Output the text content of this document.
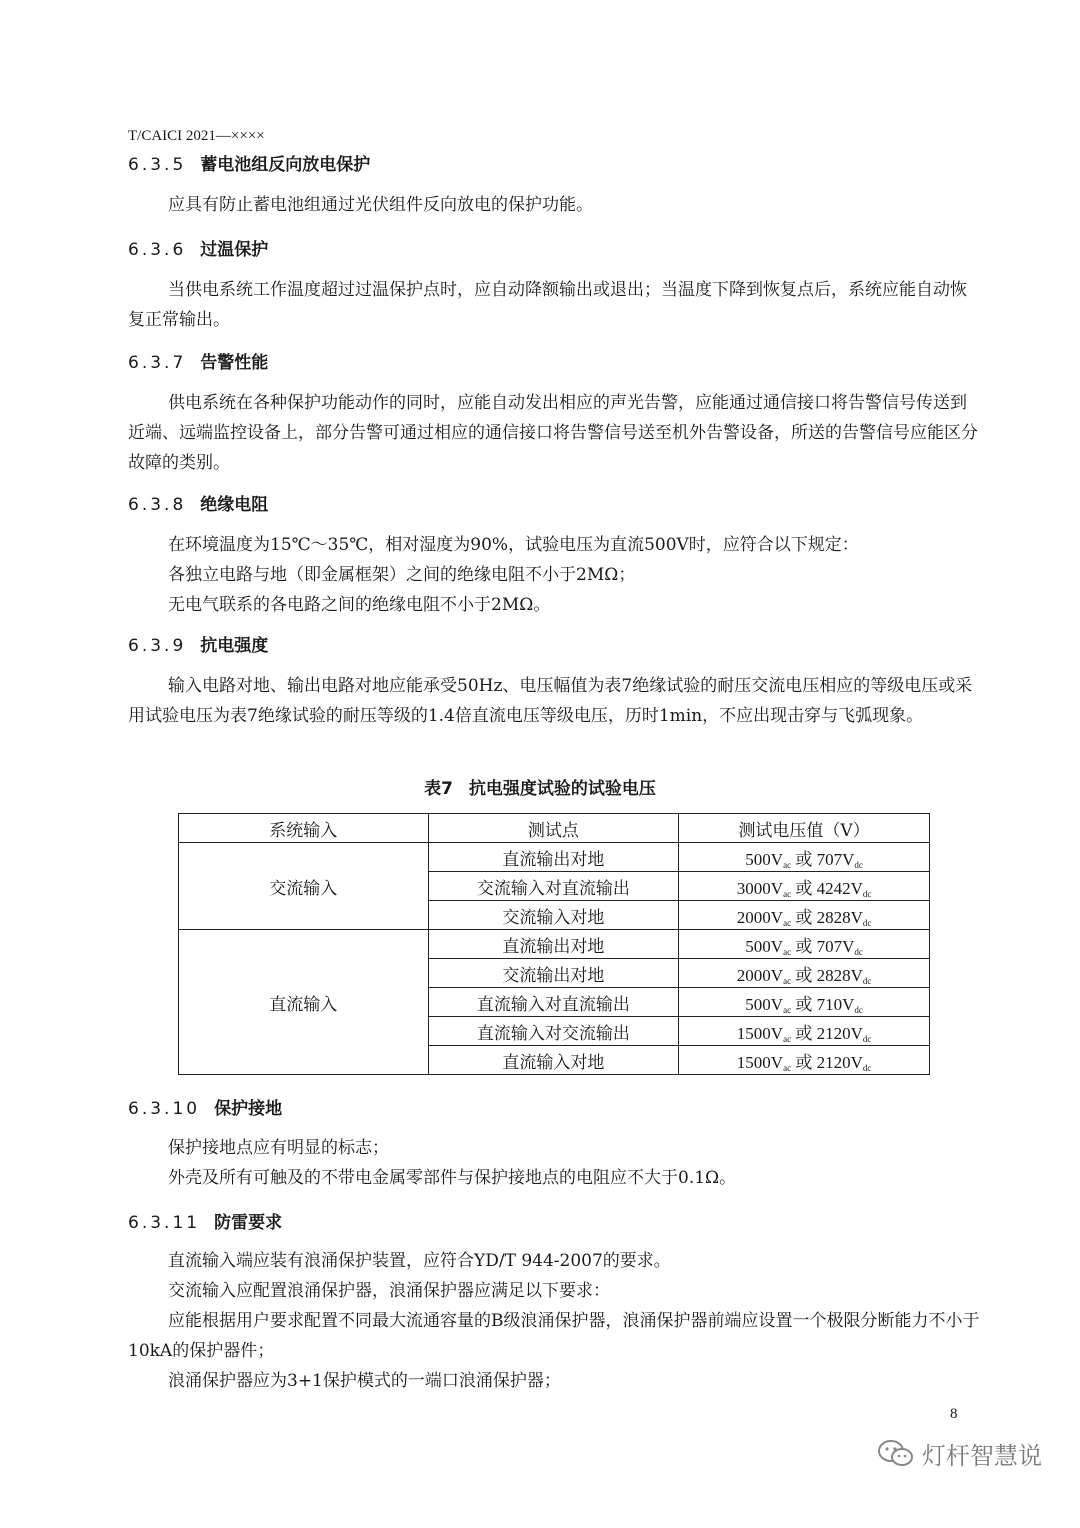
T/CAICI 2021—××××
6.3.5 蓄电池组反向放电保护

应具有防止蓄电池组通过光伏组件反向放电的保护功能。

6.3.6 过温保护

当供电系统工作温度超过过温保护点时，应自动降额输出或退出；当温度下降到恢复点后，系统应能自动恢复正常输出。

6.3.7 告警性能

供电系统在各种保护功能动作的同时，应能自动发出相应的声光告警，应能通过通信接口将告警信号传送到近端、远端监控设备上，部分告警可通过相应的通信接口将告警信号送至机外告警设备，所送的告警信号应能区分故障的类别。

6.3.8 绝缘电阻

在环境温度为15℃～35℃，相对湿度为90%，试验电压为直流500V时，应符合以下规定：

各独立电路与地（即金属框架）之间的绝缘电阻不小于2MΩ；

无电气联系的各电路之间的绝缘电阻不小于2MΩ。

6.3.9 抗电强度

输入电路对地、输出电路对地应能承受50Hz、电压幅值为表7绝缘试验的耐压交流电压相应的等级电压或采用试验电压为表7绝缘试验的耐压等级的1.4倍直流电压等级电压，历时1min，不应出现击穿与飞弧现象。

表7 抗电强度试验的试验电压
系统输入	测试点	测试电压值（V）
交流输入	直流输出对地	$500V_{ac}$ 或 $707V_{dc}$
	交流输入对直流输出	$3000V_{ac}$ 或 $4242V_{dc}$
	交流输入对地	$2000V_{ac}$ 或 $2828V_{dc}$
直流输入	直流输出对地	$500V_{ac}$ 或 $707V_{dc}$
	交流输出对地	$2000V_{ac}$ 或 $2828V_{dc}$
	直流输入对直流输出	$500V_{ac}$ 或 $710V_{dc}$
	直流输入对交流输出	$1500V_{ac}$ 或 $2120V_{dc}$
	直流输入对地	$1500V_{ac}$ 或 $2120V_{dc}$
6.3.10 保护接地

保护接地点应有明显的标志；

外壳及所有可触及的不带电金属零部件与保护接地点的电阻应不大于0.1Ω。

6.3.11 防雷要求

直流输入端应装有浪涌保护装置，应符合YD/T 944-2007的要求。

交流输入应配置浪涌保护器，浪涌保护器应满足以下要求：

应能根据用户要求配置不同最大流通容量的B级浪涌保护器，浪涌保护器前端应设置一个极限分断能力不小于10kA的保护器件；

浪涌保护器应为3+1保护模式的一端口浪涌保护器；

8
灯杆智慧说
